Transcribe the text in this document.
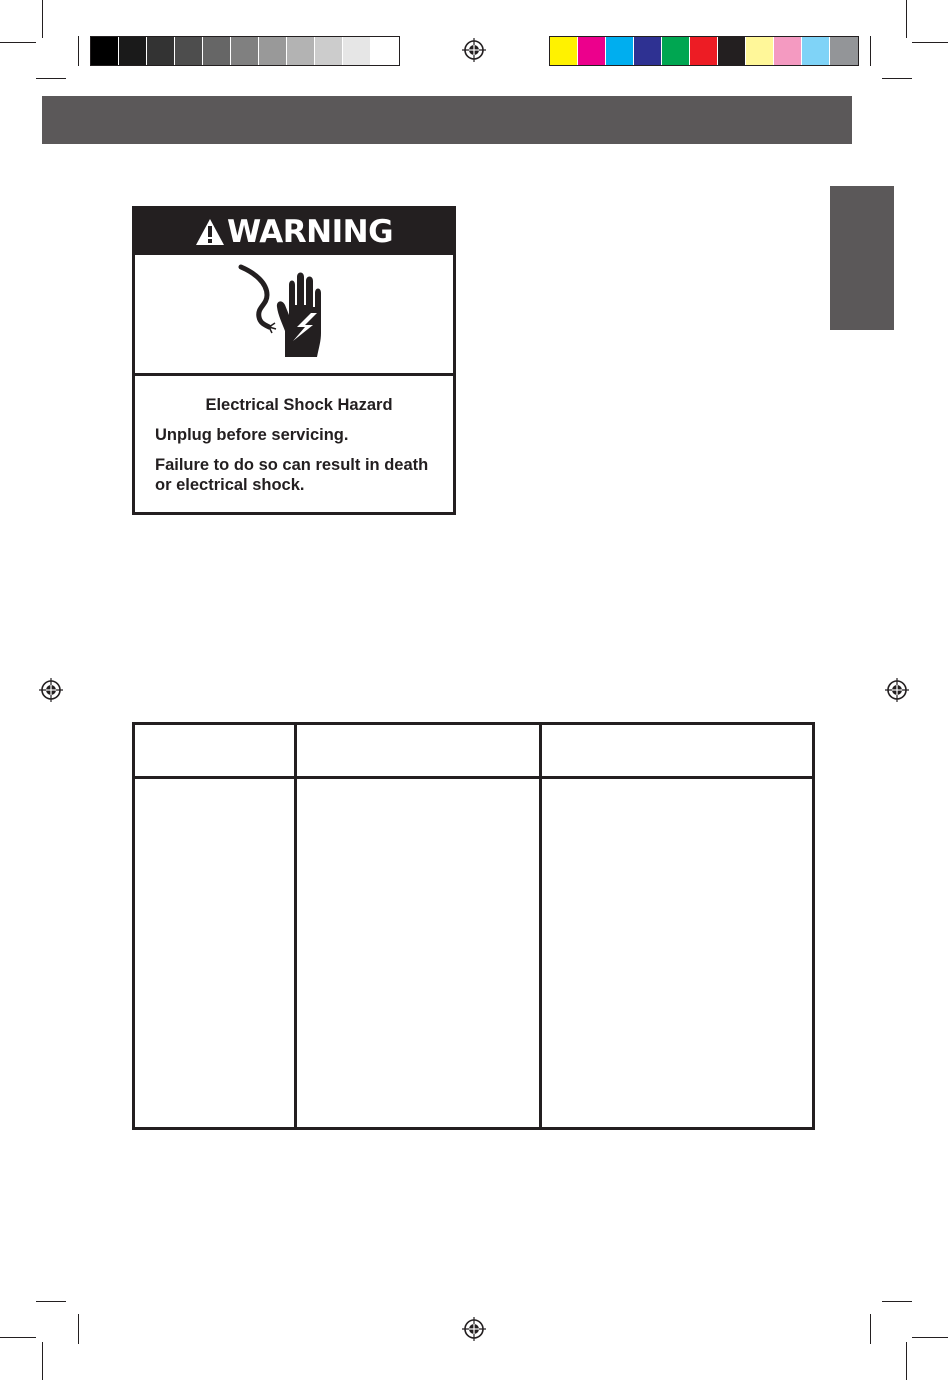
WARNING
Electrical Shock Hazard
Unplug before servicing.
Failure to do so can result in death or electrical shock.
